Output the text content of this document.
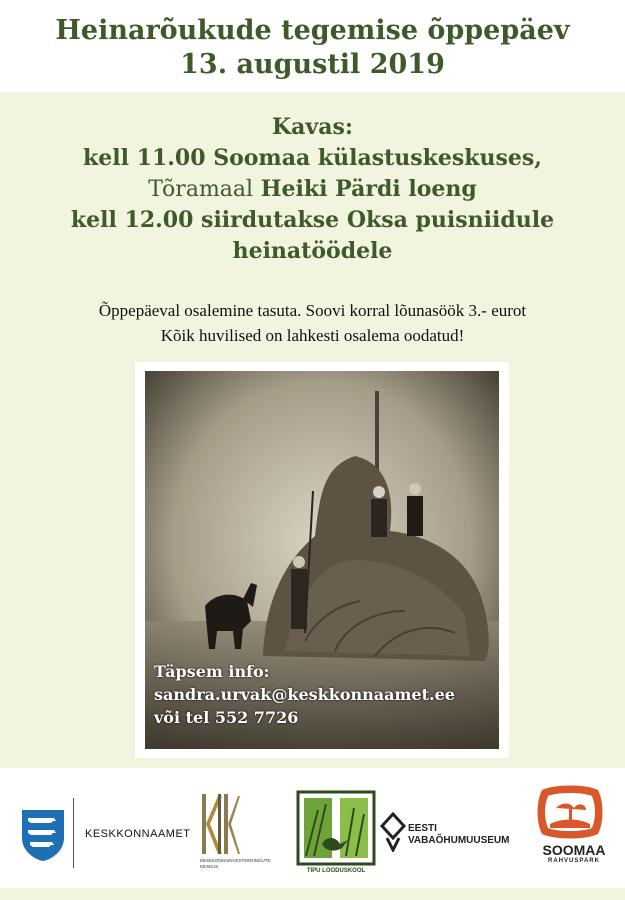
Heinarõukude tegemise õppepäev
13. augustil 2019
Kavas:
kell 11.00 Soomaa külastuskeskuses,
Tõramaal Heiki Pärdi loeng
kell 12.00 siirdutakse Oksa puisniidule
heinatöödele
Õppepäeval osalemine tasuta. Soovi korral lõunasöök 3.- eurot
Kõik huvilised on lahkesti osalema oodatud!
Täpsem info:
sandra.urvak@keskkonnaamet.ee
või tel 552 7726
KESKKONNAAMET
KESKKONNAINVESTEERINGUTE KESKUS
TIPU LOODUSKOOL
EESTI
VABAÕHUMUUSEUM
SOOMAA
RAHVUSPARK
